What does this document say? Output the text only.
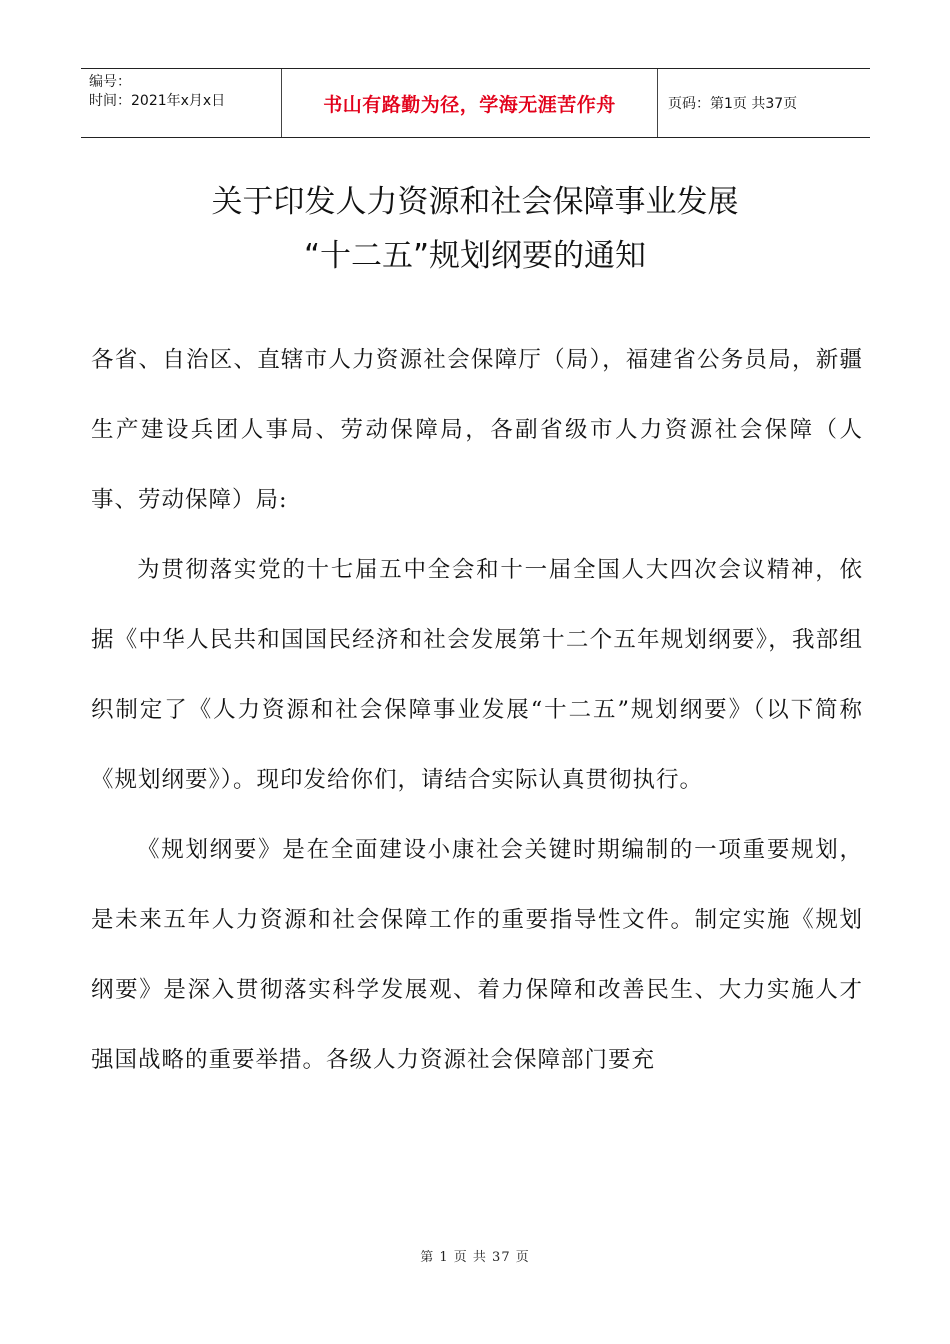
编号：
时间：2021年x月x日	书山有路勤为径，学海无涯苦作舟	页码：第1页 共37页
关于印发人力资源和社会保障事业发展
“十二五”规划纲要的通知

各省、自治区、直辖市人力资源社会保障厅（局），福建省公务员局，新疆生产建设兵团人事局、劳动保障局，各副省级市人力资源社会保障（人事、劳动保障）局:

为贯彻落实党的十七届五中全会和十一届全国人大四次会议精神，依据《中华人民共和国国民经济和社会发展第十二个五年规划纲要》，我部组织制定了《人力资源和社会保障事业发展“十二五”规划纲要》（以下简称《规划纲要》）。现印发给你们，请结合实际认真贯彻执行。

《规划纲要》是在全面建设小康社会关键时期编制的一项重要规划，是未来五年人力资源和社会保障工作的重要指导性文件。制定实施《规划纲要》是深入贯彻落实科学发展观、着力保障和改善民生、大力实施人才强国战略的重要举措。各级人力资源社会保障部门要充

第 1 页 共 37 页
